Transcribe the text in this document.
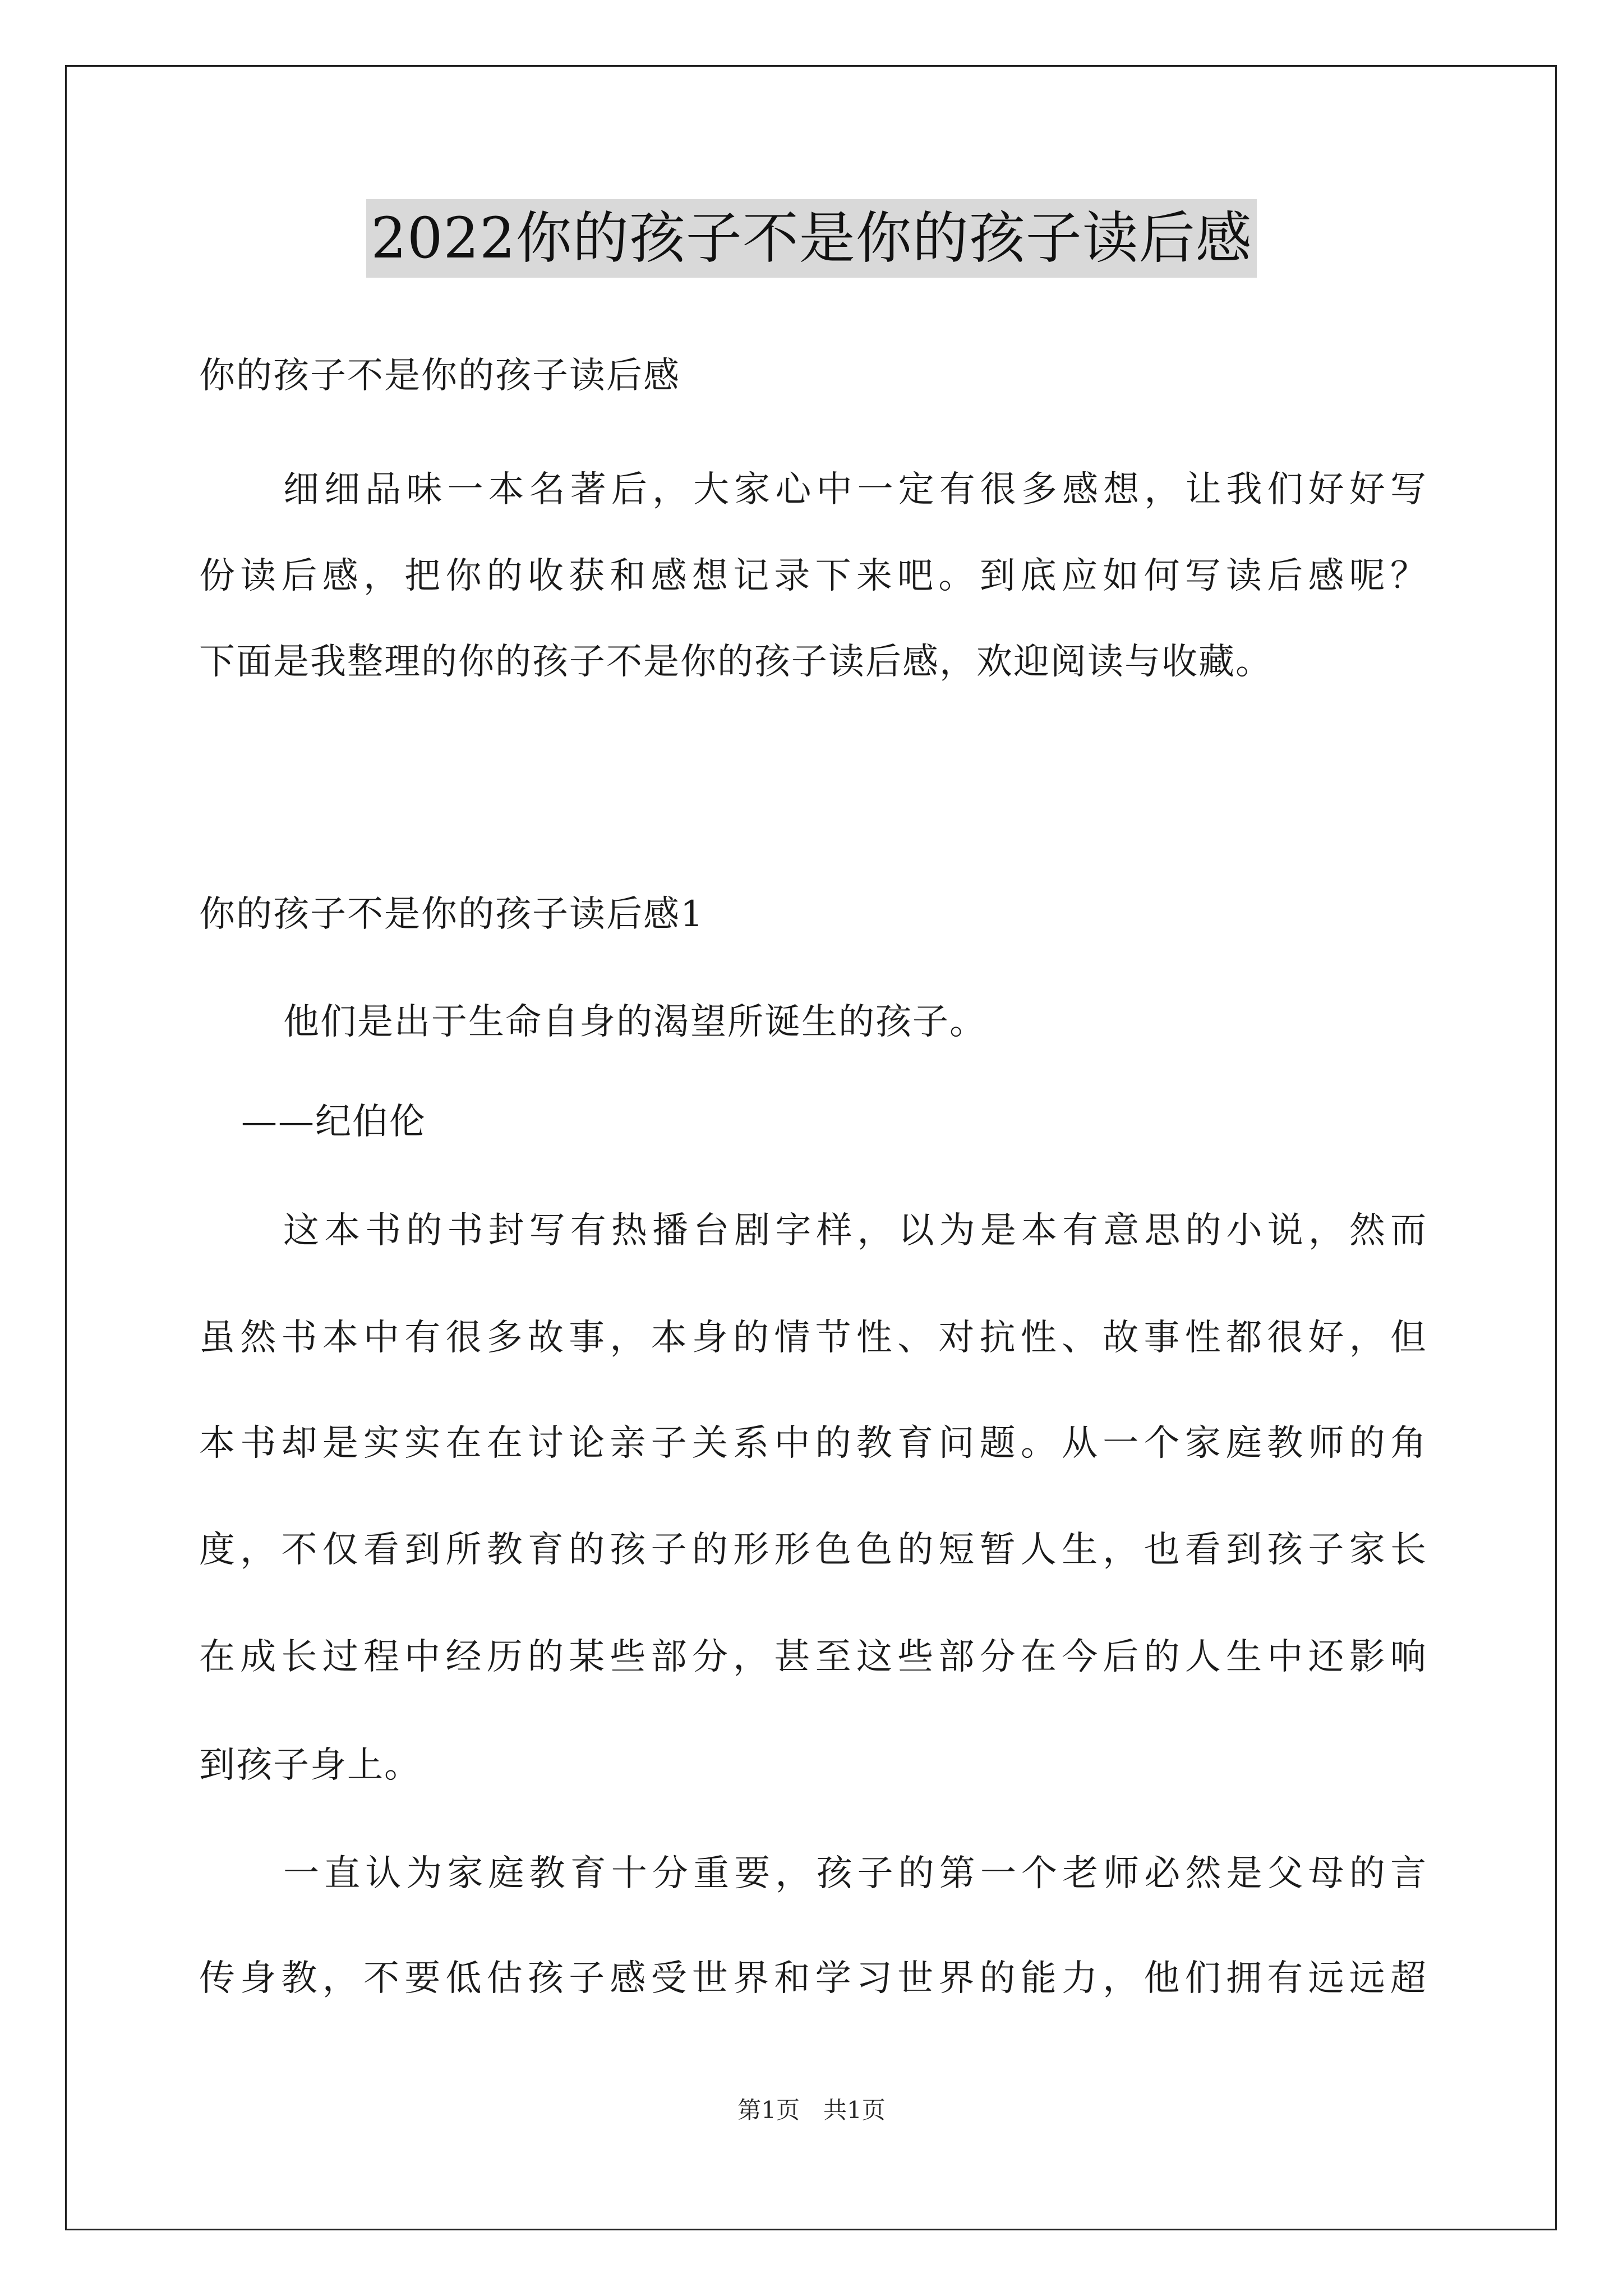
2022你的孩子不是你的孩子读后感
你的孩子不是你的孩子读后感
细细品味一本名著后，大家心中一定有很多感想，让我们好好写
份读后感，把你的收获和感想记录下来吧。到底应如何写读后感呢？
下面是我整理的你的孩子不是你的孩子读后感，欢迎阅读与收藏。
你的孩子不是你的孩子读后感1
他们是出于生命自身的渴望所诞生的孩子。
——纪伯伦
这本书的书封写有热播台剧字样，以为是本有意思的小说，然而
虽然书本中有很多故事，本身的情节性、对抗性、故事性都很好，但
本书却是实实在在讨论亲子关系中的教育问题。从一个家庭教师的角
度，不仅看到所教育的孩子的形形色色的短暂人生，也看到孩子家长
在成长过程中经历的某些部分，甚至这些部分在今后的人生中还影响
到孩子身上。
一直认为家庭教育十分重要，孩子的第一个老师必然是父母的言
传身教，不要低估孩子感受世界和学习世界的能力，他们拥有远远超
第1页　共1页
